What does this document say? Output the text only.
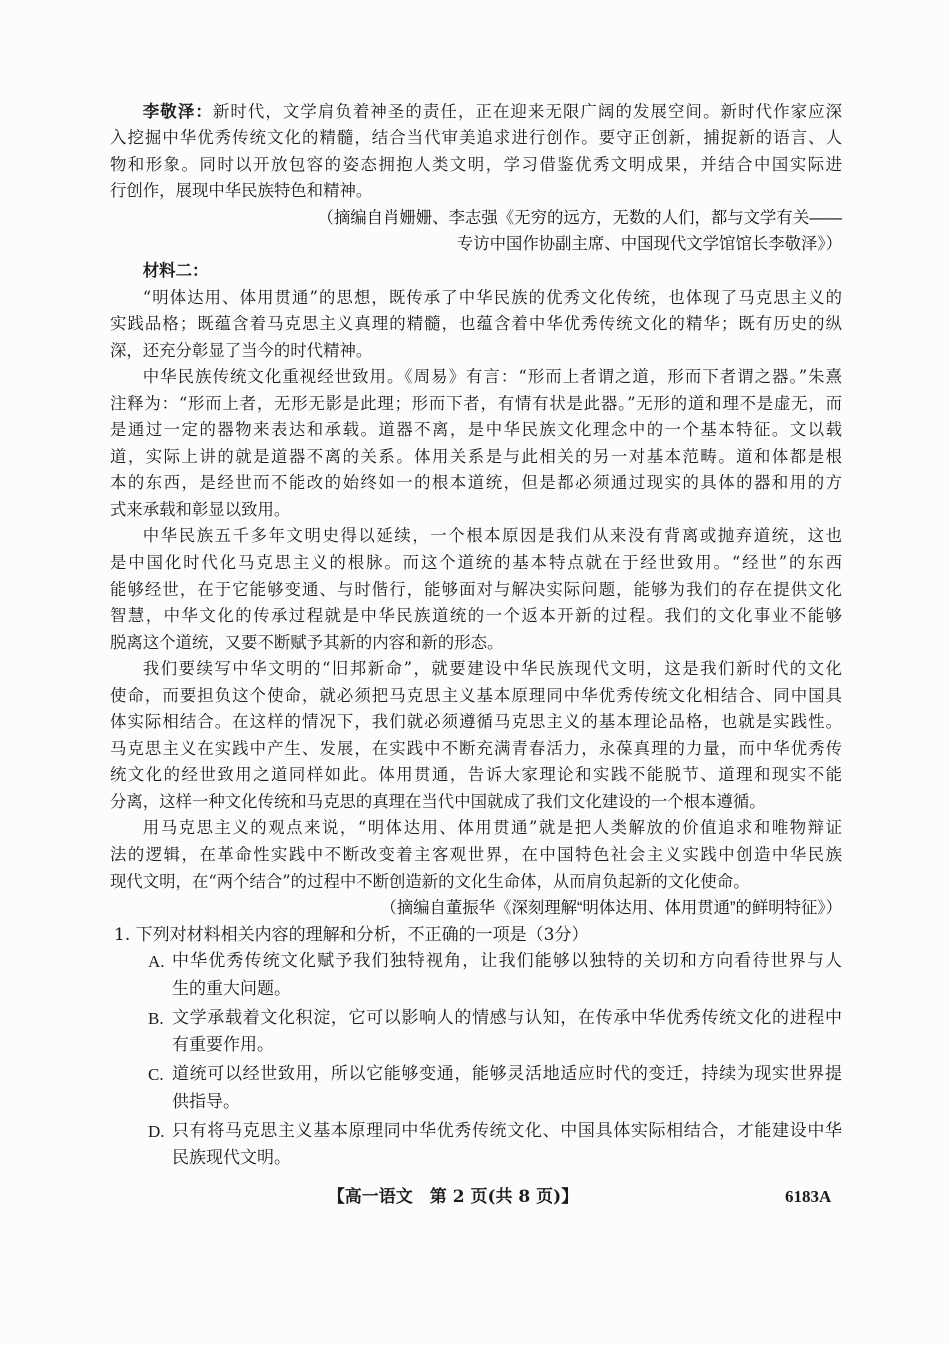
李敬泽：新时代，文学肩负着神圣的责任，正在迎来无限广阔的发展空间。新时代作家应深
入挖掘中华优秀传统文化的精髓，结合当代审美追求进行创作。要守正创新，捕捉新的语言、人
物和形象。同时以开放包容的姿态拥抱人类文明，学习借鉴优秀文明成果，并结合中国实际进
行创作，展现中华民族特色和精神。
（摘编自肖姗姗、李志强《无穷的远方，无数的人们，都与文学有关——
专访中国作协副主席、中国现代文学馆馆长李敬泽》）
材料二：
“明体达用、体用贯通”的思想，既传承了中华民族的优秀文化传统，也体现了马克思主义的
实践品格；既蕴含着马克思主义真理的精髓，也蕴含着中华优秀传统文化的精华；既有历史的纵
深，还充分彰显了当今的时代精神。
中华民族传统文化重视经世致用。《周易》有言：“形而上者谓之道，形而下者谓之器。”朱熹
注释为：“形而上者，无形无影是此理；形而下者，有情有状是此器。”无形的道和理不是虚无，而
是通过一定的器物来表达和承载。道器不离，是中华民族文化理念中的一个基本特征。文以载
道，实际上讲的就是道器不离的关系。体用关系是与此相关的另一对基本范畴。道和体都是根
本的东西，是经世而不能改的始终如一的根本道统，但是都必须通过现实的具体的器和用的方
式来承载和彰显以致用。
中华民族五千多年文明史得以延续，一个根本原因是我们从来没有背离或抛弃道统，这也
是中国化时代化马克思主义的根脉。而这个道统的基本特点就在于经世致用。“经世”的东西
能够经世，在于它能够变通、与时偕行，能够面对与解决实际问题，能够为我们的存在提供文化
智慧，中华文化的传承过程就是中华民族道统的一个返本开新的过程。我们的文化事业不能够
脱离这个道统，又要不断赋予其新的内容和新的形态。
我们要续写中华文明的“旧邦新命”，就要建设中华民族现代文明，这是我们新时代的文化
使命，而要担负这个使命，就必须把马克思主义基本原理同中华优秀传统文化相结合、同中国具
体实际相结合。在这样的情况下，我们就必须遵循马克思主义的基本理论品格，也就是实践性。
马克思主义在实践中产生、发展，在实践中不断充满青春活力，永葆真理的力量，而中华优秀传
统文化的经世致用之道同样如此。体用贯通，告诉大家理论和实践不能脱节、道理和现实不能
分离，这样一种文化传统和马克思的真理在当代中国就成了我们文化建设的一个根本遵循。
用马克思主义的观点来说，“明体达用、体用贯通”就是把人类解放的价值追求和唯物辩证
法的逻辑，在革命性实践中不断改变着主客观世界，在中国特色社会主义实践中创造中华民族
现代文明，在“两个结合”的过程中不断创造新的文化生命体，从而肩负起新的文化使命。
（摘编自董振华《深刻理解“明体达用、体用贯通”的鲜明特征》）
1. 下列对材料相关内容的理解和分析，不正确的一项是（3分）
A. 中华优秀传统文化赋予我们独特视角，让我们能够以独特的关切和方向看待世界与人
生的重大问题。
B. 文学承载着文化积淀，它可以影响人的情感与认知，在传承中华优秀传统文化的进程中
有重要作用。
C. 道统可以经世致用，所以它能够变通，能够灵活地适应时代的变迁，持续为现实世界提
供指导。
D. 只有将马克思主义基本原理同中华优秀传统文化、中国具体实际相结合，才能建设中华
民族现代文明。
【高一语文　第 2 页(共 8 页)】	6183A
